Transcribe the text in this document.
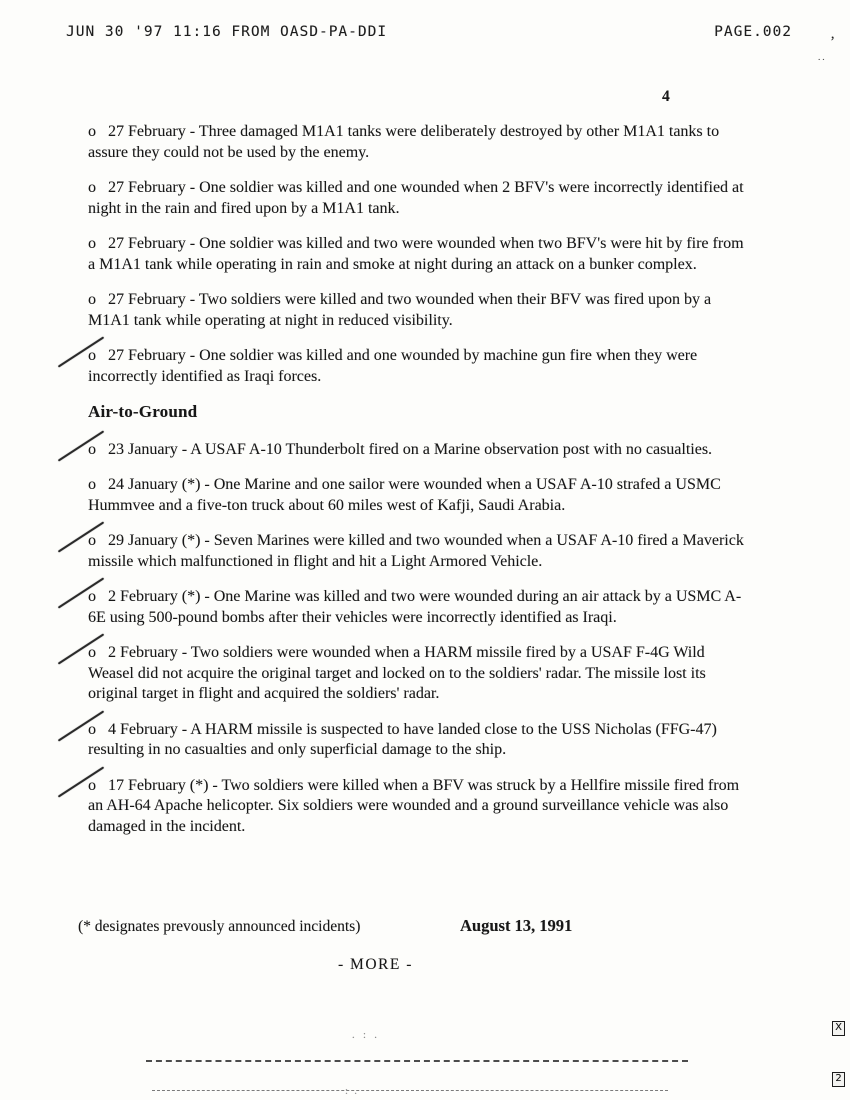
JUN 30 '97 11:16 FROM OASD-PA-DDI	PAGE.002
’
..
4

o 27 February - Three damaged M1A1 tanks were deliberately destroyed by other M1A1 tanks to assure they could not be used by the enemy.

o 27 February - One soldier was killed and one wounded when 2 BFV's were incorrectly identified at night in the rain and fired upon by a M1A1 tank.

o 27 February - One soldier was killed and two were wounded when two BFV's were hit by fire from a M1A1 tank while operating in rain and smoke at night during an attack on a bunker complex.

o 27 February - Two soldiers were killed and two wounded when their BFV was fired upon by a M1A1 tank while operating at night in reduced visibility.

o 27 February - One soldier was killed and one wounded by machine gun fire when they were incorrectly identified as Iraqi forces.

Air-to-Ground

o 23 January - A USAF A-10 Thunderbolt fired on a Marine observation post with no casualties.

o 24 January (*) - One Marine and one sailor were wounded when a USAF A-10 strafed a USMC Hummvee and a five-ton truck about 60 miles west of Kafji, Saudi Arabia.

o 29 January (*) - Seven Marines were killed and two wounded when a USAF A-10 fired a Maverick missile which malfunctioned in flight and hit a Light Armored Vehicle.

o 2 February (*) - One Marine was killed and two were wounded during an air attack by a USMC A-6E using 500-pound bombs after their vehicles were incorrectly identified as Iraqi.

o 2 February - Two soldiers were wounded when a HARM missile fired by a USAF F-4G Wild Weasel did not acquire the original target and locked on to the soldiers' radar. The missile lost its original target in flight and acquired the soldiers' radar.

o 4 February - A HARM missile is suspected to have landed close to the USS Nicholas (FFG-47) resulting in no casualties and only superficial damage to the ship.

o 17 February (*) - Two soldiers were killed when a BFV was struck by a Hellfire missile fired from an AH-64 Apache helicopter. Six soldiers were wounded and a ground surveillance vehicle was also damaged in the incident.

(* designates prevously announced incidents)	August 13, 1991
- MORE -
X
2
. : .
: .
